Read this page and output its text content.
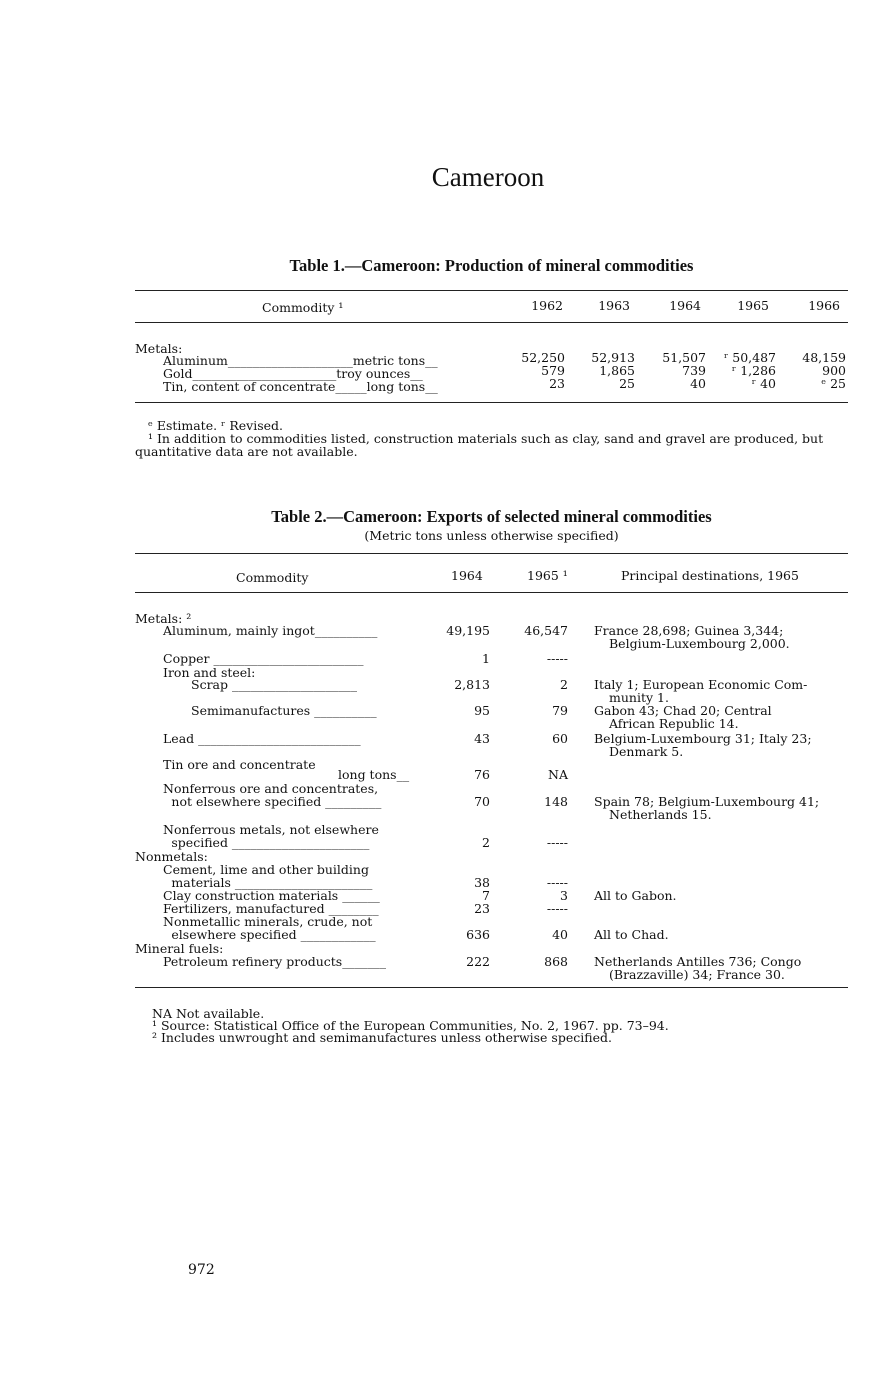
Cameroon
Table 1.—Cameroon: Production of mineral commodities
Commodity ¹	1962	1963	1964	1965	1966
Metals:
Aluminum____________________metric tons__	52,250	52,913	51,507	ʳ 50,487	48,159
Gold_______________________troy ounces__	579	1,865	739	ʳ 1,286	900
Tin, content of concentrate_____long tons__	23	25	40	ʳ 40	ᵉ 25
ᵉ Estimate. ʳ Revised.
¹ In addition to commodities listed, construction materials such as clay, sand and gravel are produced, but quantitative data are not available.
Table 2.—Cameroon: Exports of selected mineral commodities
(Metric tons unless otherwise specified)
Commodity	1964	1965 ¹	Principal destinations, 1965
Metals: ²
Aluminum, mainly ingot__________	49,195	46,547 France 28,698; Guinea 3,344;
Belgium-Luxembourg 2,000.
Copper ________________________	1	-----
Iron and steel:
Scrap ____________________	2,813	2 Italy 1; European Economic Com-
munity 1.
Semimanufactures __________	95	79 Gabon 43; Chad 20; Central
African Republic 14.
Lead __________________________	43	60 Belgium-Luxembourg 31; Italy 23;
Denmark 5.
Tin ore and concentrate
long tons__	76	NA
Nonferrous ore and concentrates,
not elsewhere specified _________	70	148 Spain 78; Belgium-Luxembourg 41;
Netherlands 15.
Nonferrous metals, not elsewhere
specified ______________________	2	-----
Nonmetals:
Cement, lime and other building
materials ______________________	38	-----
Clay construction materials ______	7	3 All to Gabon.
Fertilizers, manufactured ________	23	-----
Nonmetallic minerals, crude, not
elsewhere specified ____________	636	40 All to Chad.
Mineral fuels:
Petroleum refinery products_______	222	868 Netherlands Antilles 736; Congo
(Brazzaville) 34; France 30.
NA Not available.
¹ Source: Statistical Office of the European Communities, No. 2, 1967. pp. 73–94.
² Includes unwrought and semimanufactures unless otherwise specified.
972
